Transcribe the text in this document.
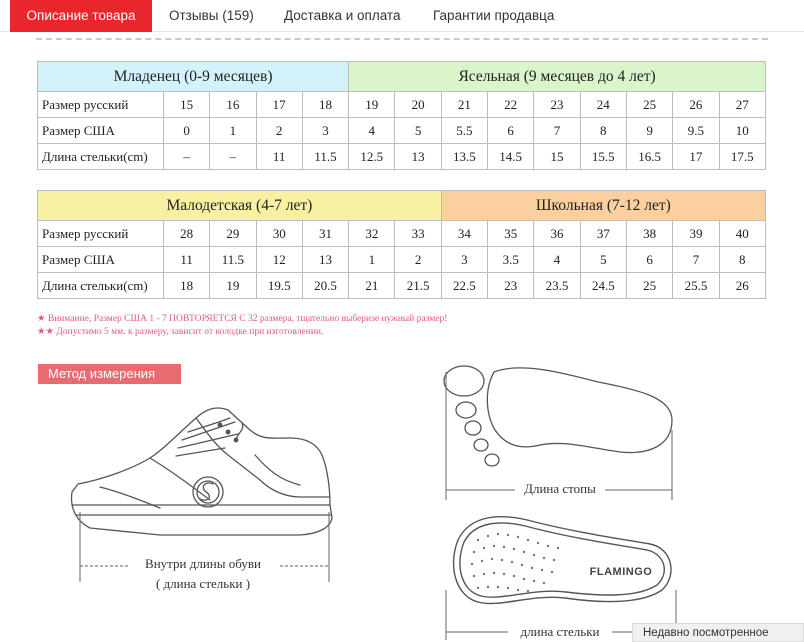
Описание товара	Отзывы (159)	Доставка и оплата	Гарантии продавца
Младенец (0-9 месяцев)					Ясельная (9 месяцев до 4 лет)								
Размер русский	15	16	17	18	19	20	21	22	23	24	25	26	27
Размер США	0	1	2	3	4	5	5.5	6	7	8	9	9.5	10
Длина стельки(cm)	–	–	11	11.5	12.5	13	13.5	14.5	15	15.5	16.5	17	17.5
Малодетская (4-7 лет)							Школьная (7-12 лет)						
Размер русский	28	29	30	31	32	33	34	35	36	37	38	39	40
Размер США	11	11.5	12	13	1	2	3	3.5	4	5	6	7	8
Длина стельки(cm)	18	19	19.5	20.5	21	21.5	22.5	23	23.5	24.5	25	25.5	26
★ Внимание, Размер США 1 - 7 ПОВТОРЯЕТСЯ С 32 размера, тщательно выберизе нужный размер!
★★ Допустимо 5 мм. к размеру, зависит от колодке при изготовлении.
Метод измерения
Внутри длины обуви
( длина стельки )
Длина стопы
FLAMINGO
длина стельки	Недавно посмотренное
